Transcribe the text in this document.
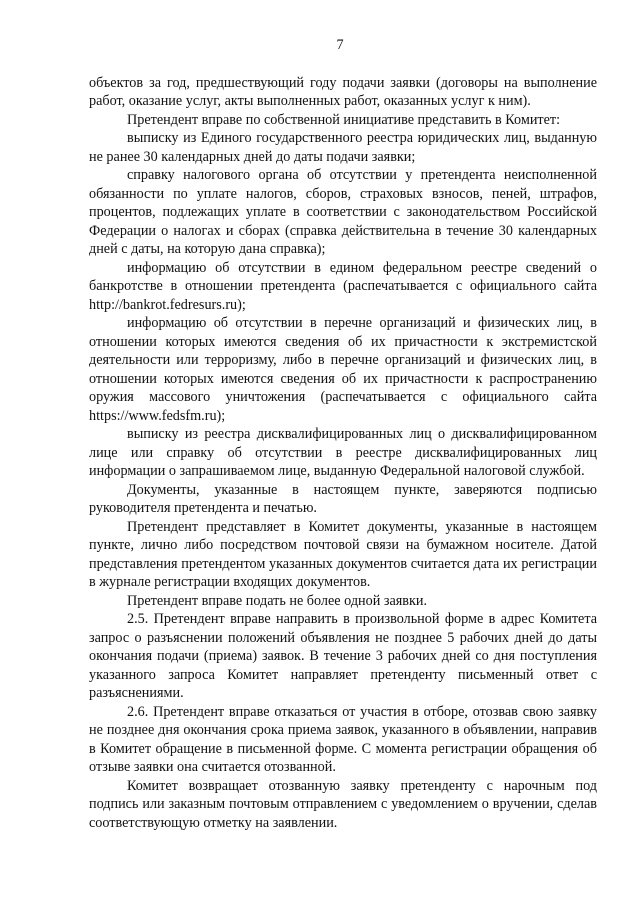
7

объектов за год, предшествующий году подачи заявки (договоры на выполнение работ, оказание услуг, акты выполненных работ, оказанных услуг к ним).

Претендент вправе по собственной инициативе представить в Комитет:

выписку из Единого государственного реестра юридических лиц, выданную не ранее 30 календарных дней до даты подачи заявки;

справку налогового органа об отсутствии у претендента неисполненной обязанности по уплате налогов, сборов, страховых взносов, пеней, штрафов, процентов, подлежащих уплате в соответствии с законодательством Российской Федерации о налогах и сборах (справка действительна в течение 30 календарных дней с даты, на которую дана справка);

информацию об отсутствии в едином федеральном реестре сведений о банкротстве в отношении претендента (распечатывается с официального сайта http://bankrot.fedresurs.ru);

информацию об отсутствии в перечне организаций и физических лиц, в отношении которых имеются сведения об их причастности к экстремистской деятельности или терроризму, либо в перечне организаций и физических лиц, в отношении которых имеются сведения об их причастности к распространению оружия массового уничтожения (распечатывается с официального сайта https://www.fedsfm.ru);

выписку из реестра дисквалифицированных лиц о дисквалифицированном лице или справку об отсутствии в реестре дисквалифицированных лиц информации о запрашиваемом лице, выданную Федеральной налоговой службой.

Документы, указанные в настоящем пункте, заверяются подписью руководителя претендента и печатью.

Претендент представляет в Комитет документы, указанные в настоящем пункте, лично либо посредством почтовой связи на бумажном носителе. Датой представления претендентом указанных документов считается дата их регистрации в журнале регистрации входящих документов.

Претендент вправе подать не более одной заявки.

2.5. Претендент вправе направить в произвольной форме в адрес Комитета запрос о разъяснении положений объявления не позднее 5 рабочих дней до даты окончания подачи (приема) заявок. В течение 3 рабочих дней со дня поступления указанного запроса Комитет направляет претенденту письменный ответ с разъяснениями.

2.6. Претендент вправе отказаться от участия в отборе, отозвав свою заявку не позднее дня окончания срока приема заявок, указанного в объявлении, направив в Комитет обращение в письменной форме. С момента регистрации обращения об отзыве заявки она считается отозванной.

Комитет возвращает отозванную заявку претенденту с нарочным под подпись или заказным почтовым отправлением с уведомлением о вручении, сделав соответствующую отметку на заявлении.
